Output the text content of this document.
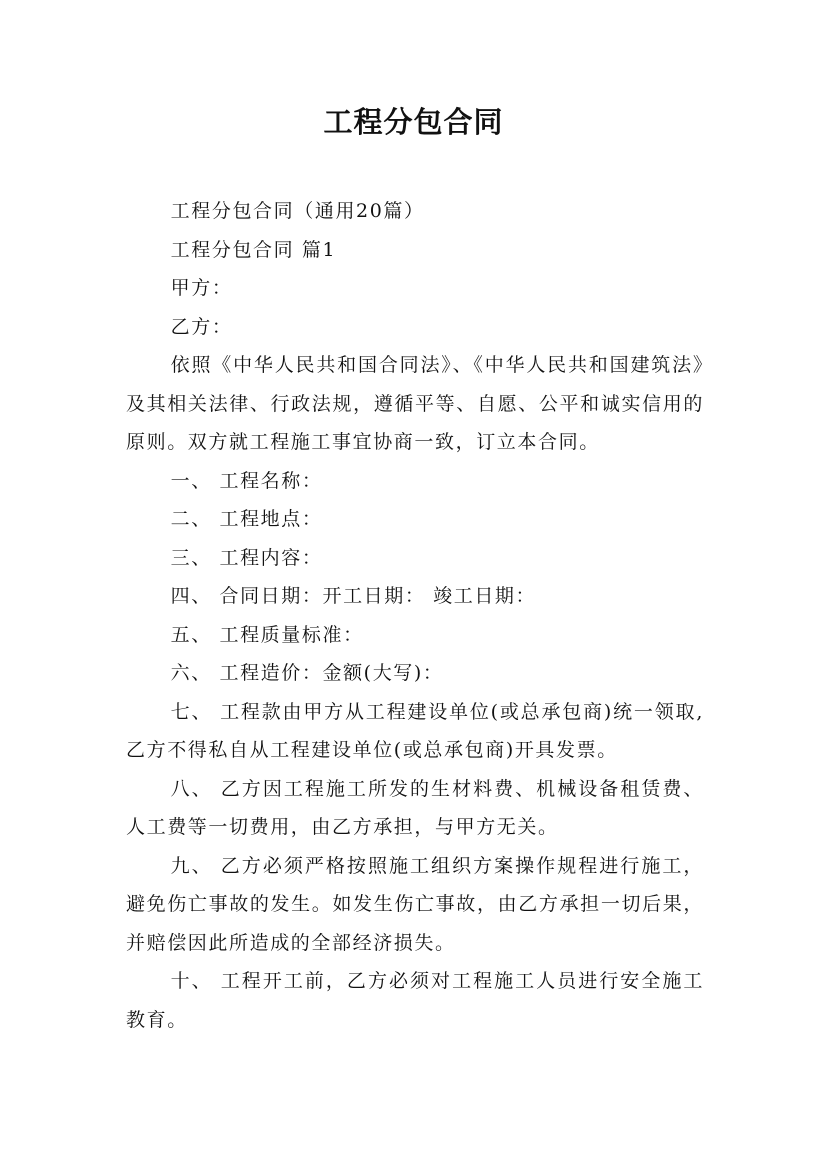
工程分包合同

工程分包合同（通用20篇）

工程分包合同 篇1

甲方：

乙方：

依照《中华人民共和国合同法》、《中华人民共和国建筑法》及其相关法律、行政法规，遵循平等、自愿、公平和诚实信用的原则。双方就工程施工事宜协商一致，订立本合同。

一、 工程名称：

二、 工程地点：

三、 工程内容：

四、 合同日期：开工日期： 竣工日期：

五、 工程质量标准：

六、 工程造价：金额(大写)：

七、 工程款由甲方从工程建设单位(或总承包商)统一领取,乙方不得私自从工程建设单位(或总承包商)开具发票。

八、 乙方因工程施工所发的生材料费、机械设备租赁费、人工费等一切费用，由乙方承担，与甲方无关。

九、 乙方必须严格按照施工组织方案操作规程进行施工，避免伤亡事故的发生。如发生伤亡事故，由乙方承担一切后果，并赔偿因此所造成的全部经济损失。

十、 工程开工前，乙方必须对工程施工人员进行安全施工教育。
